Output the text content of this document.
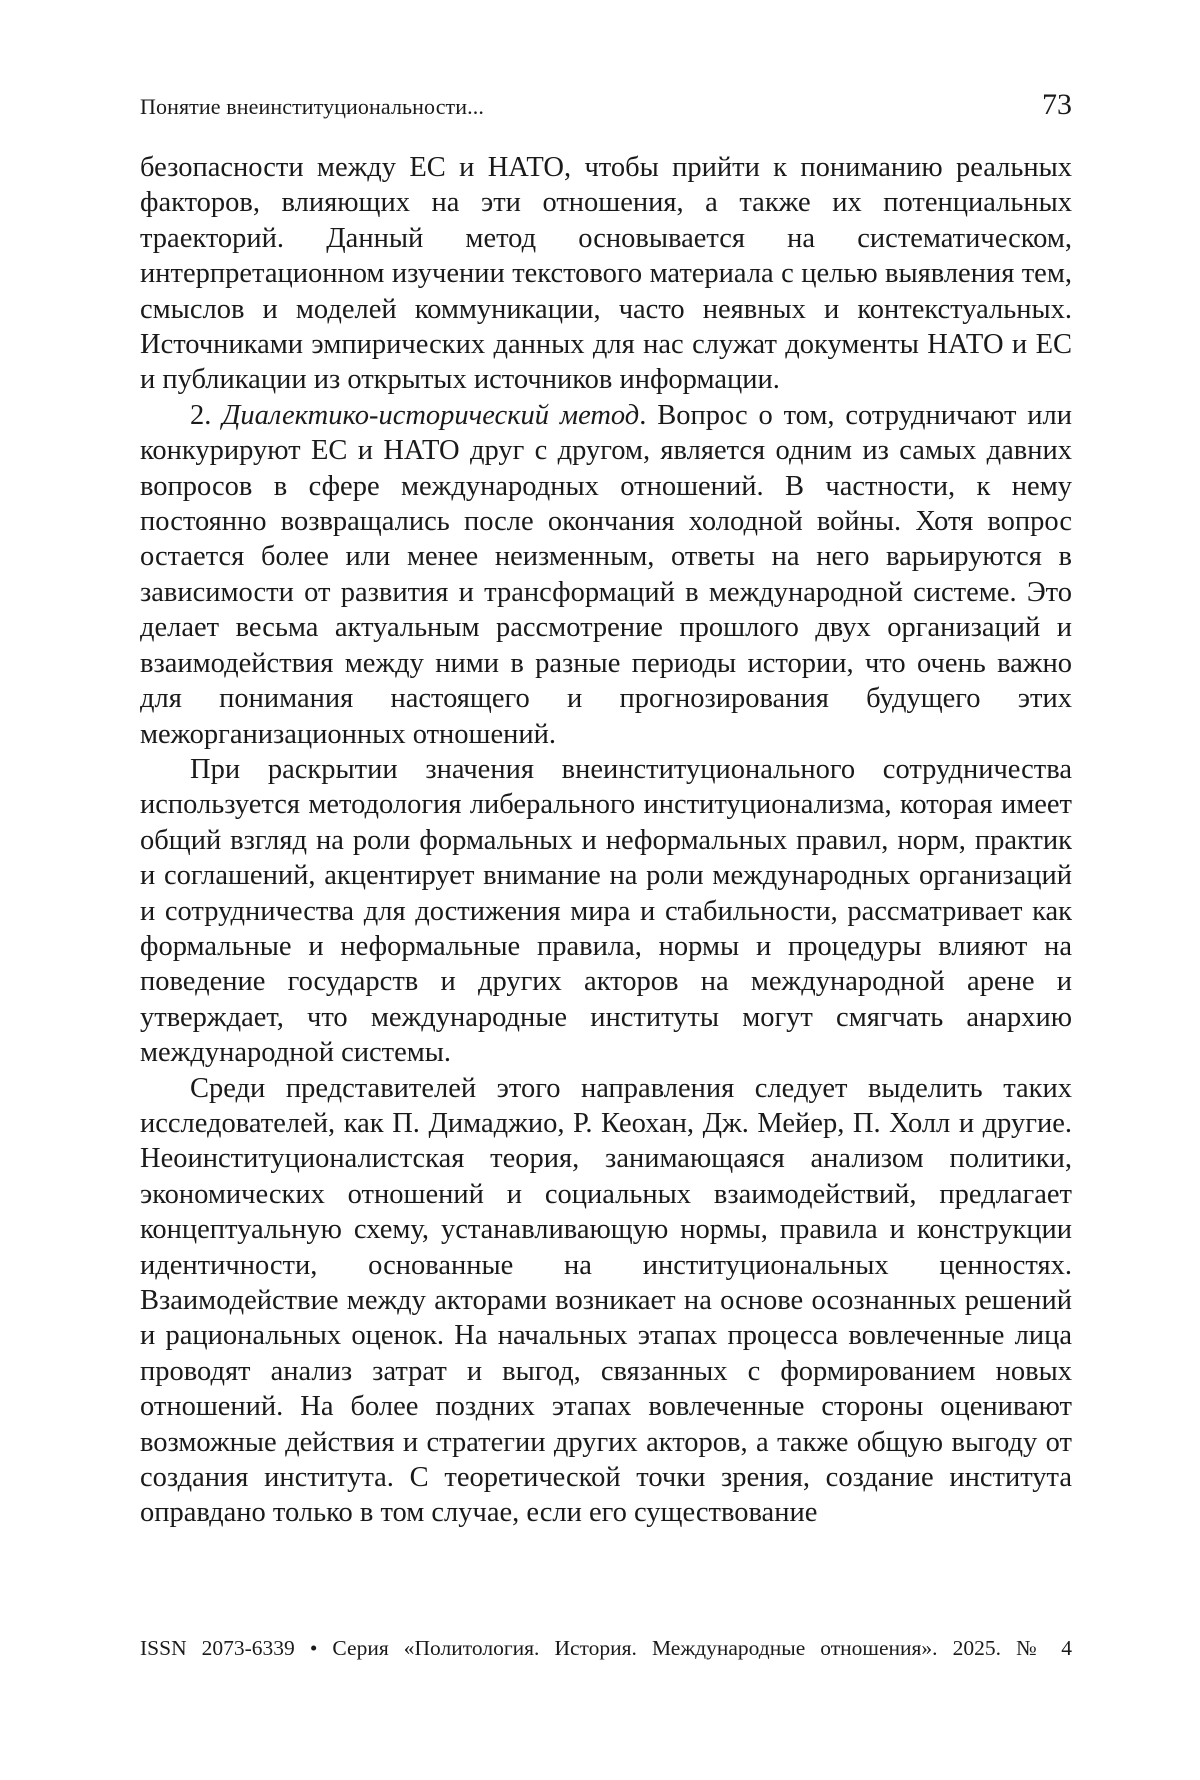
Понятие внеинституциональности...	73

безопасности между ЕС и НАТО, чтобы прийти к пониманию реальных факторов, влияющих на эти отношения, а также их потенциальных траекторий. Данный метод основывается на систематическом, интерпретационном изучении текстового материала с целью выявления тем, смыслов и моделей коммуникации, часто неявных и контекстуальных. Источниками эмпирических данных для нас служат документы НАТО и ЕС и публикации из открытых источников информации.

2. Диалектико-исторический метод. Вопрос о том, сотрудничают или конкурируют ЕС и НАТО друг с другом, является одним из самых давних вопросов в сфере международных отношений. В частности, к нему постоянно возвращались после окончания холодной войны. Хотя вопрос остается более или менее неизменным, ответы на него варьируются в зависимости от развития и трансформаций в международной системе. Это делает весьма актуальным рассмотрение прошлого двух организаций и взаимодействия между ними в разные периоды истории, что очень важно для понимания настоящего и прогнозирования будущего этих межорганизационных отношений.

При раскрытии значения внеинституционального сотрудничества используется методология либерального институционализма, которая имеет общий взгляд на роли формальных и неформальных правил, норм, практик и соглашений, акцентирует внимание на роли международных организаций и сотрудничества для достижения мира и стабильности, рассматривает как формальные и неформальные правила, нормы и процедуры влияют на поведение государств и других акторов на международной арене и утверждает, что международные институты могут смягчать анархию международной системы.

Среди представителей этого направления следует выделить таких исследователей, как П. Димаджио, Р. Кеохан, Дж. Мейер, П. Холл и другие. Неоинституционалистская теория, занимающаяся анализом политики, экономических отношений и социальных взаимодействий, предлагает концептуальную схему, устанавливающую нормы, правила и конструкции идентичности, основанные на институциональных ценностях. Взаимодействие между акторами возникает на основе осознанных решений и рациональных оценок. На начальных этапах процесса вовлеченные лица проводят анализ затрат и выгод, связанных с формированием новых отношений. На более поздних этапах вовлеченные стороны оценивают возможные действия и стратегии других акторов, а также общую выгоду от создания института. С теоретической точки зрения, создание института оправдано только в том случае, если его существование

ISSN 2073-6339 • Серия «Политология. История. Международные отношения». 2025. № 4
